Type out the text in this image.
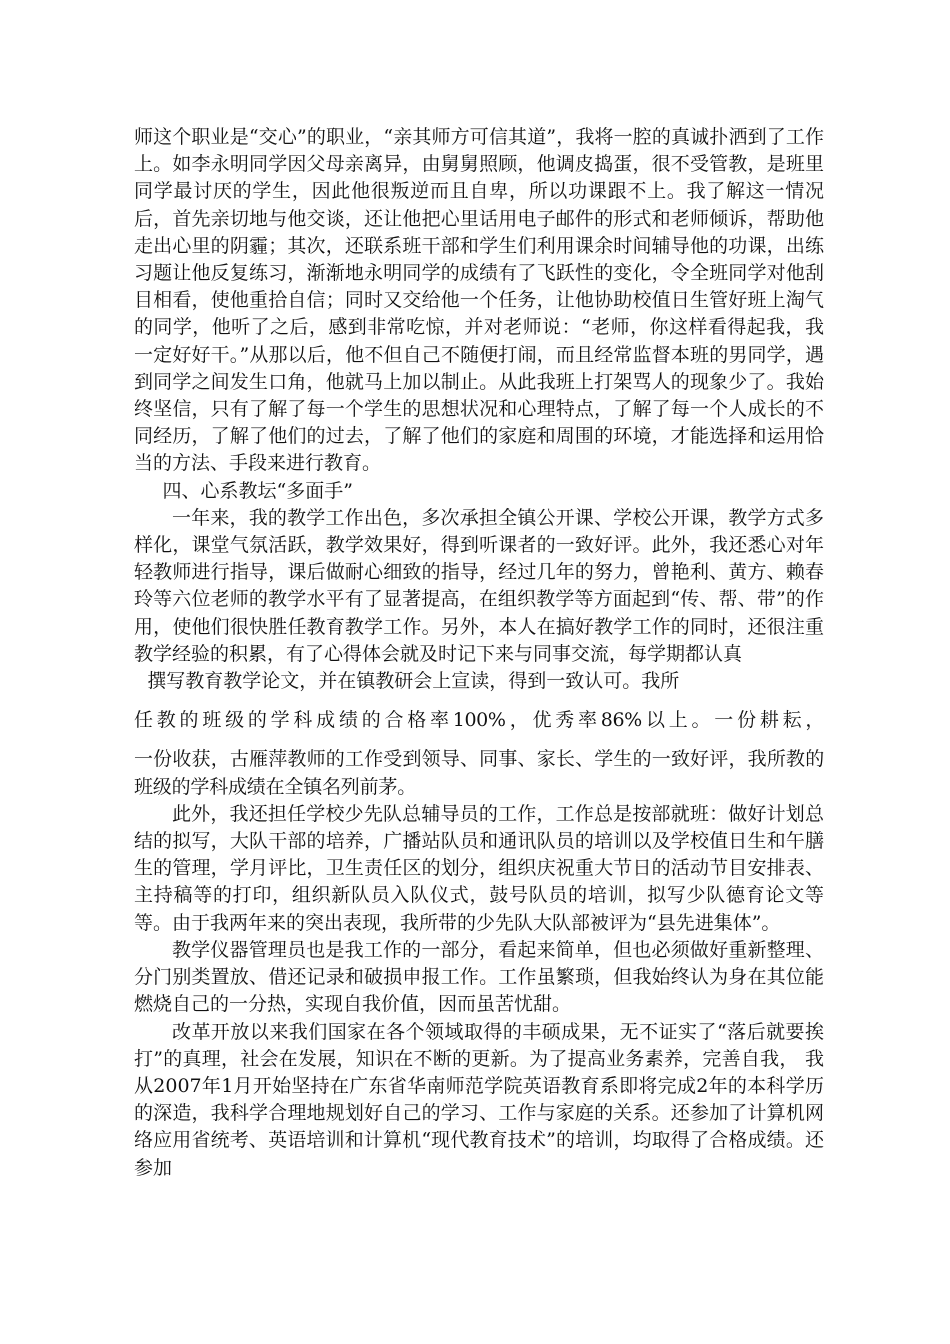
师这个职业是“交心”的职业，“亲其师方可信其道”，我将一腔的真诚扑洒到了工作上。如李永明同学因父母亲离异，由舅舅照顾，他调皮捣蛋，很不受管教，是班里同学最讨厌的学生，因此他很叛逆而且自卑，所以功课跟不上。我了解这一情况后，首先亲切地与他交谈，还让他把心里话用电子邮件的形式和老师倾诉，帮助他走出心里的阴霾；其次，还联系班干部和学生们利用课余时间辅导他的功课，出练习题让他反复练习，渐渐地永明同学的成绩有了飞跃性的变化，令全班同学对他刮目相看，使他重拾自信；同时又交给他一个任务，让他协助校值日生管好班上淘气的同学，他听了之后，感到非常吃惊，并对老师说：“老师，你这样看得起我，我一定好好干。”从那以后，他不但自己不随便打闹，而且经常监督本班的男同学，遇到同学之间发生口角，他就马上加以制止。从此我班上打架骂人的现象少了。我始终坚信，只有了解了每一个学生的思想状况和心理特点，了解了每一个人成长的不同经历，了解了他们的过去，了解了他们的家庭和周围的环境，才能选择和运用恰当的方法、手段来进行教育。

四、心系教坛“多面手”

一年来，我的教学工作出色，多次承担全镇公开课、学校公开课，教学方式多样化，课堂气氛活跃，教学效果好，得到听课者的一致好评。此外，我还悉心对年轻教师进行指导，课后做耐心细致的指导，经过几年的努力，曾艳利、黄方、赖春玲等六位老师的教学水平有了显著提高，在组织教学等方面起到“传、帮、带”的作用，使他们很快胜任教育教学工作。另外，本人在搞好教学工作的同时，还很注重教学经验的积累，有了心得体会就及时记下来与同事交流，每学期都认真

撰写教育教学论文，并在镇教研会上宣读，得到一致认可。我所

任教的班级的学科成绩的合格率100%，优秀率86%以上。一份耕耘，

一份收获，古雁萍教师的工作受到领导、同事、家长、学生的一致好评，我所教的班级的学科成绩在全镇名列前茅。

此外，我还担任学校少先队总辅导员的工作，工作总是按部就班：做好计划总结的拟写，大队干部的培养，广播站队员和通讯队员的培训以及学校值日生和午膳生的管理，学月评比，卫生责任区的划分，组织庆祝重大节日的活动节目安排表、主持稿等的打印，组织新队员入队仪式，鼓号队员的培训，拟写少队德育论文等等。由于我两年来的突出表现，我所带的少先队大队部被评为“县先进集体”。

教学仪器管理员也是我工作的一部分，看起来简单，但也必须做好重新整理、分门别类置放、借还记录和破损申报工作。工作虽繁琐，但我始终认为身在其位能燃烧自己的一分热，实现自我价值，因而虽苦忧甜。

改革开放以来我们国家在各个领域取得的丰硕成果，无不证实了“落后就要挨打”的真理，社会在发展，知识在不断的更新。为了提高业务素养，完善自我， 我从2007年1月开始坚持在广东省华南师范学院英语教育系即将完成2年的本科学历的深造，我科学合理地规划好自己的学习、工作与家庭的关系。还参加了计算机网络应用省统考、英语培训和计算机“现代教育技术”的培训，均取得了合格成绩。还参加
